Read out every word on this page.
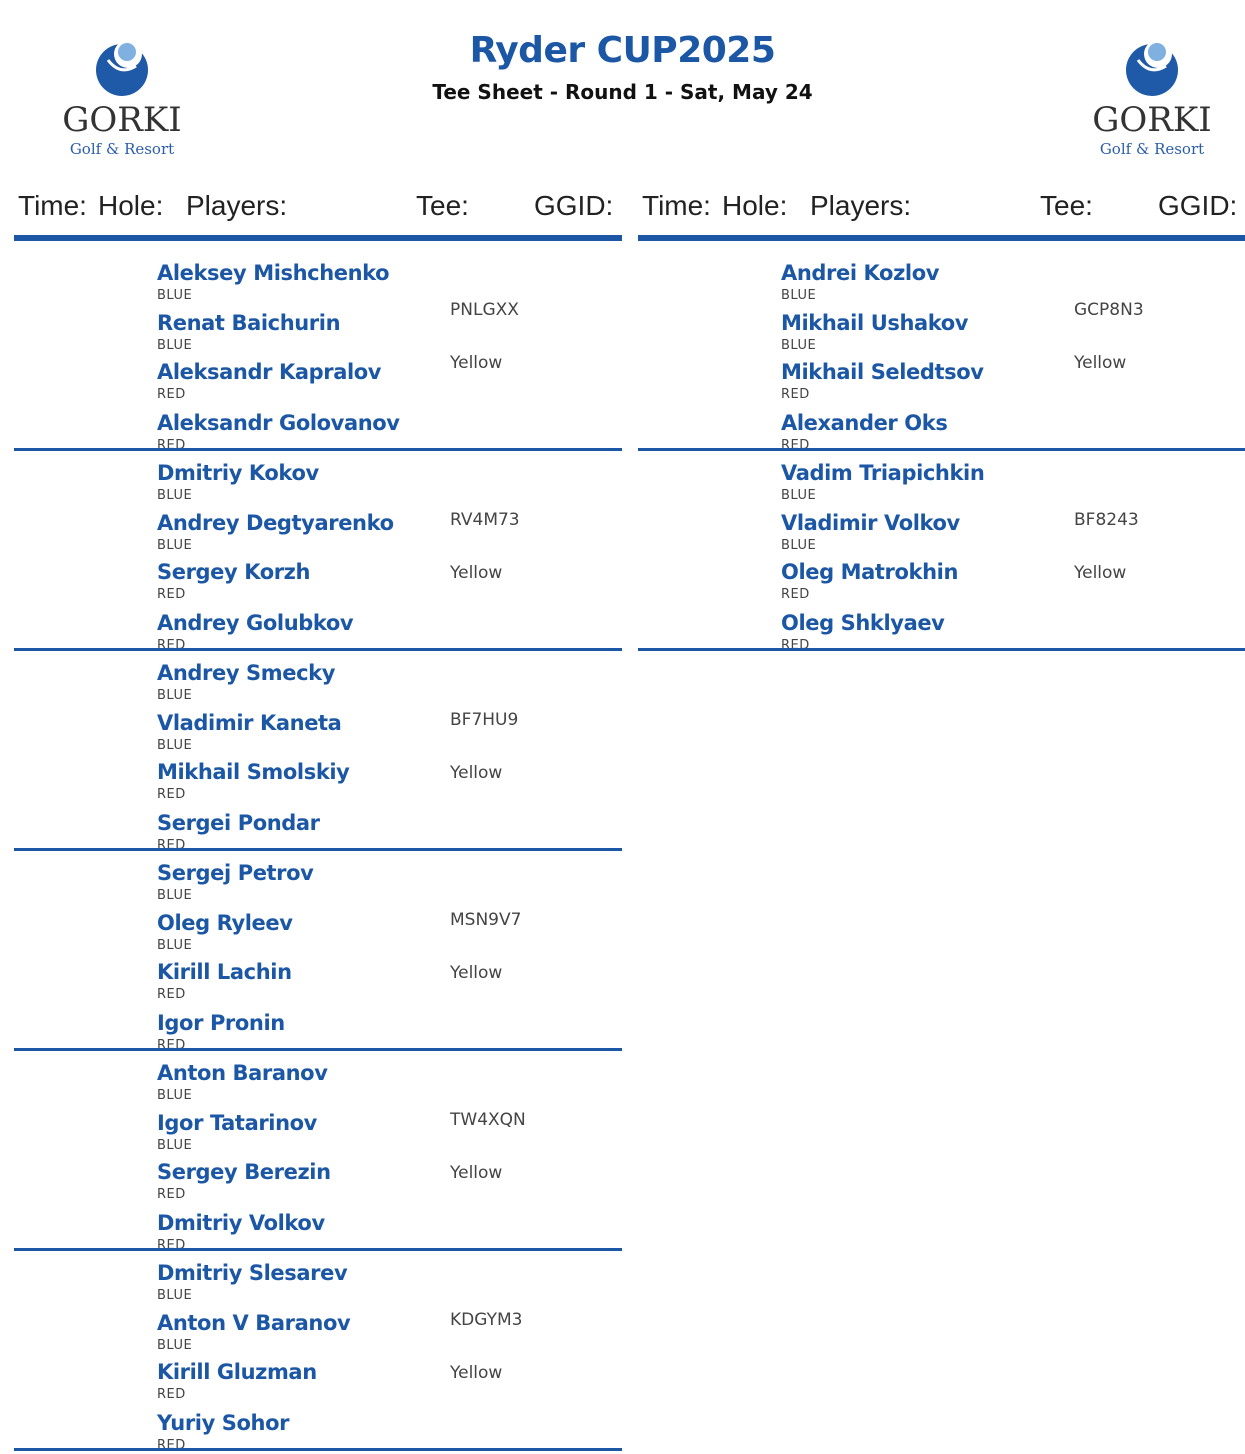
GORKI
Golf & Resort
Ryder CUP2025
Tee Sheet - Round 1 - Sat, May 24
GORKI
Golf & Resort
Time: Hole: Players:	Tee: GGID:
Aleksey Mishchenko
BLUE
Renat Baichurin
BLUE
Aleksandr Kapralov
RED
Aleksandr Golovanov
RED
PNLGXX
Yellow
Dmitriy Kokov
BLUE
Andrey Degtyarenko
BLUE
Sergey Korzh
RED
Andrey Golubkov
RED
RV4M73
Yellow
Andrey Smecky
BLUE
Vladimir Kaneta
BLUE
Mikhail Smolskiy
RED
Sergei Pondar
RED
BF7HU9
Yellow
Sergej Petrov
BLUE
Oleg Ryleev
BLUE
Kirill Lachin
RED
Igor Pronin
RED
MSN9V7
Yellow
Anton Baranov
BLUE
Igor Tatarinov
BLUE
Sergey Berezin
RED
Dmitriy Volkov
RED
TW4XQN
Yellow
Dmitriy Slesarev
BLUE
Anton V Baranov
BLUE
Kirill Gluzman
RED
Yuriy Sohor
RED
KDGYM3
Yellow
Time: Hole: Players:	Tee: GGID:
Andrei Kozlov
BLUE
Mikhail Ushakov
BLUE
Mikhail Seledtsov
RED
Alexander Oks
RED
GCP8N3
Yellow
Vadim Triapichkin
BLUE
Vladimir Volkov
BLUE
Oleg Matrokhin
RED
Oleg Shklyaev
RED
BF8243
Yellow
